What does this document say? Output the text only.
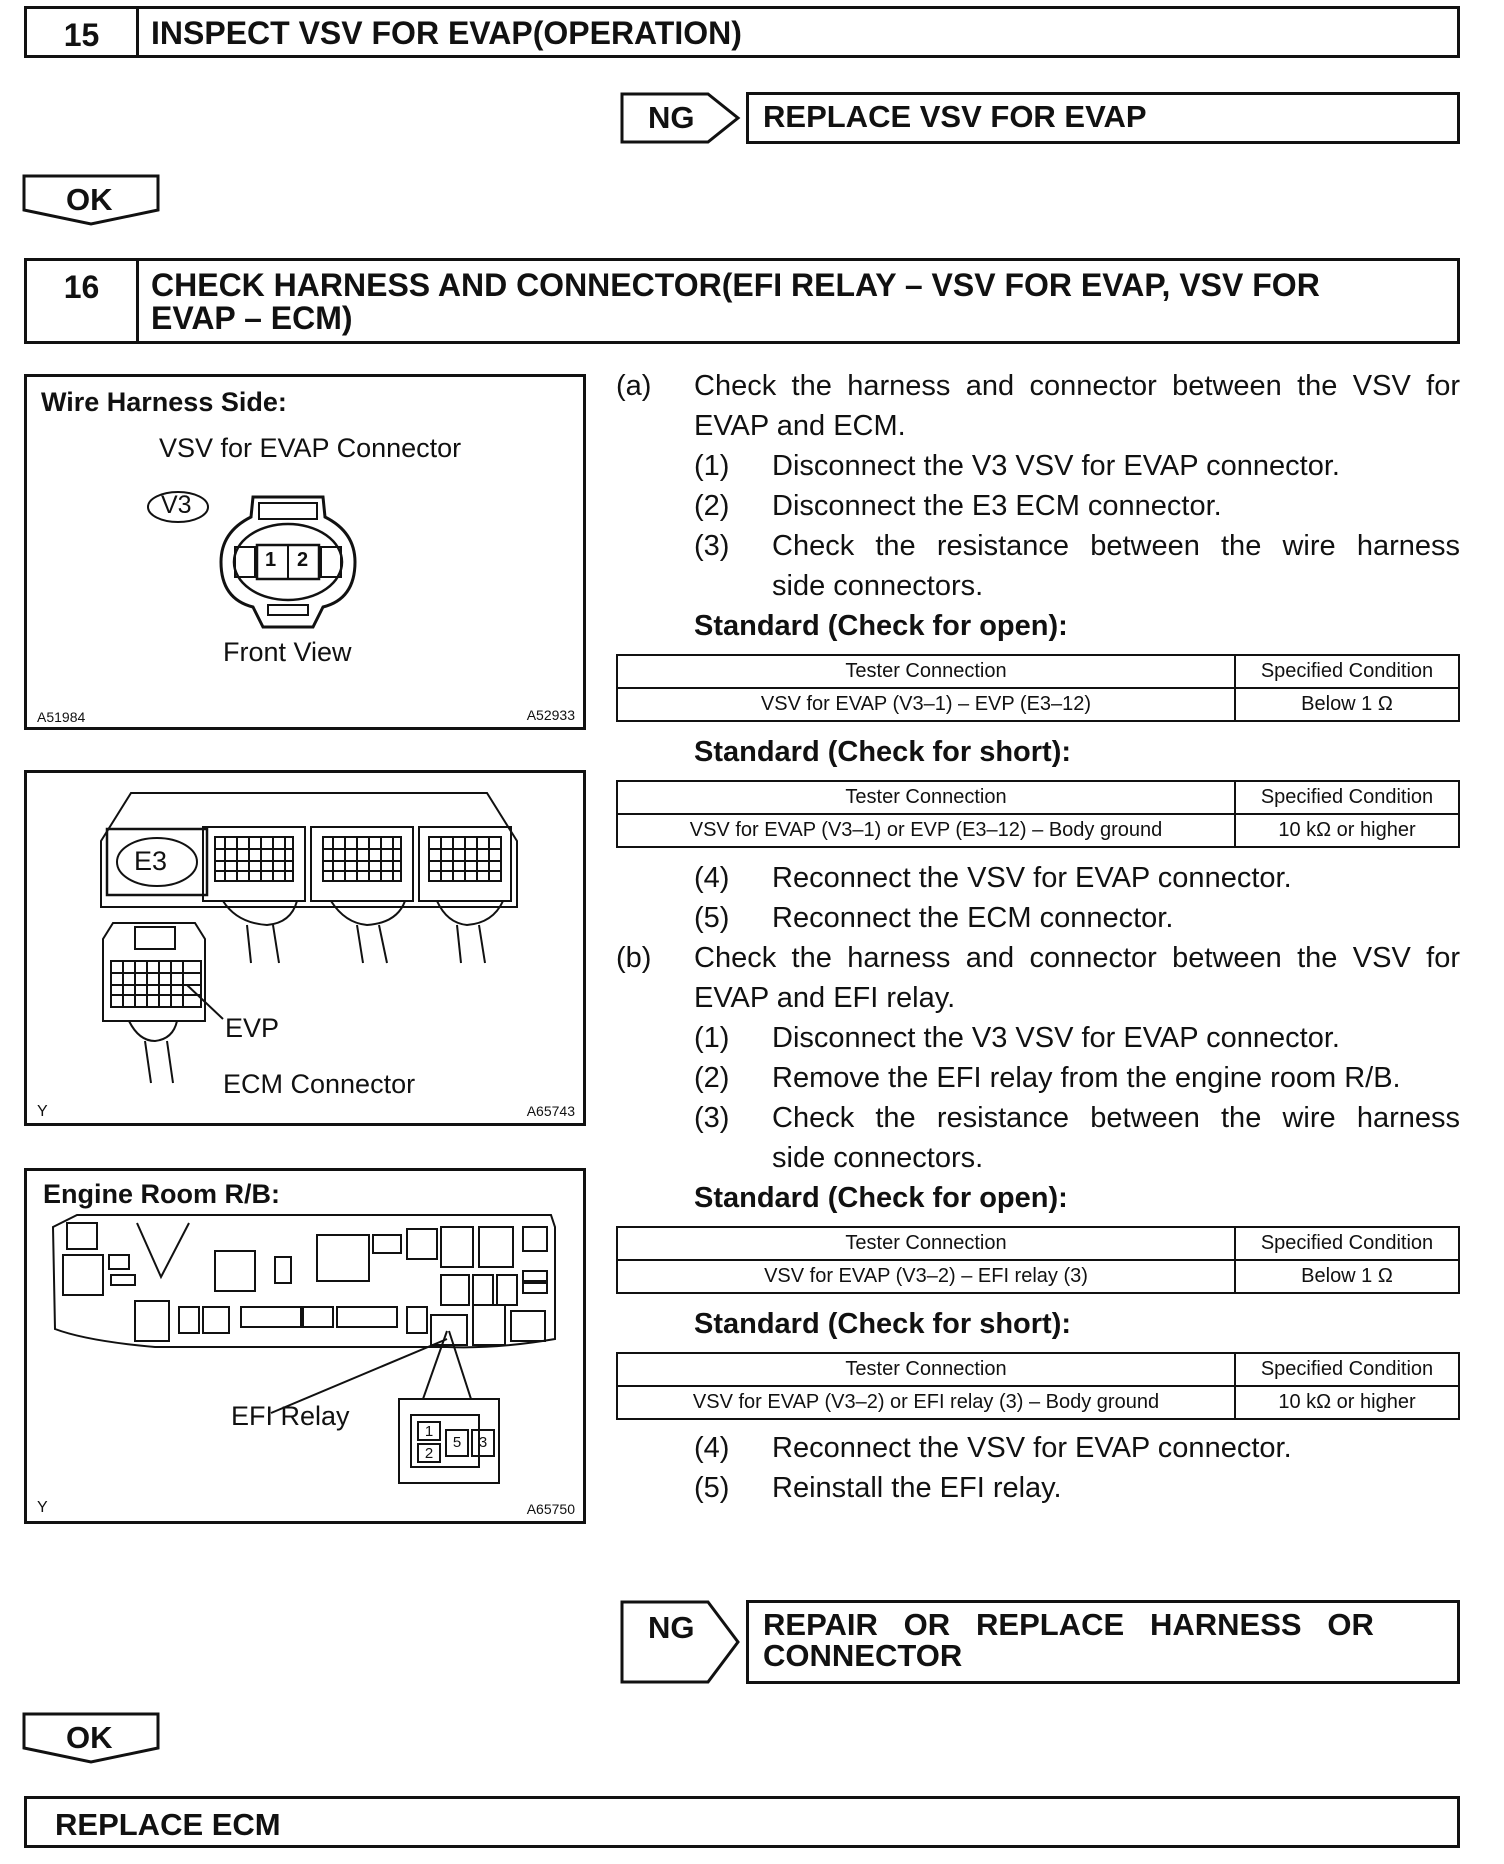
15	INSPECT VSV FOR EVAP(OPERATION)
NG	REPLACE VSV FOR EVAP
OK
16	CHECK HARNESS AND CONNECTOR(EFI RELAY – VSV FOR EVAP, VSV FOR
EVAP – ECM)
Wire Harness Side:
VSV for EVAP Connector
V3
1 2
Front View
A51984	A52933
E3
EVP
ECM Connector
Y	A65743
Engine Room R/B:
EFI Relay
1
2
5	3
Y	A65750
(a) Check the harness and connector between the VSV for
EVAP and ECM.
(1) Disconnect the V3 VSV for EVAP connector.
(2) Disconnect the E3 ECM connector.
(3) Check the resistance between the wire harness
side connectors.
Standard (Check for open):
Tester Connection	Specified Condition
VSV for EVAP (V3–1) – EVP (E3–12)	Below 1 Ω
Standard (Check for short):
Tester Connection	Specified Condition
VSV for EVAP (V3–1) or EVP (E3–12) – Body ground	10 kΩ or higher
(4) Reconnect the VSV for EVAP connector.
(5) Reconnect the ECM connector.
(b) Check the harness and connector between the VSV for
EVAP and EFI relay.
(1) Disconnect the V3 VSV for EVAP connector.
(2) Remove the EFI relay from the engine room R/B.
(3) Check the resistance between the wire harness
side connectors.
Standard (Check for open):
Tester Connection	Specified Condition
VSV for EVAP (V3–2) – EFI relay (3)	Below 1 Ω
Standard (Check for short):
Tester Connection	Specified Condition
VSV for EVAP (V3–2) or EFI relay (3) – Body ground	10 kΩ or higher
(4) Reconnect the VSV for EVAP connector.
(5) Reinstall the EFI relay.
NG REPAIR   OR   REPLACE   HARNESS   OR
CONNECTOR
OK
REPLACE ECM
